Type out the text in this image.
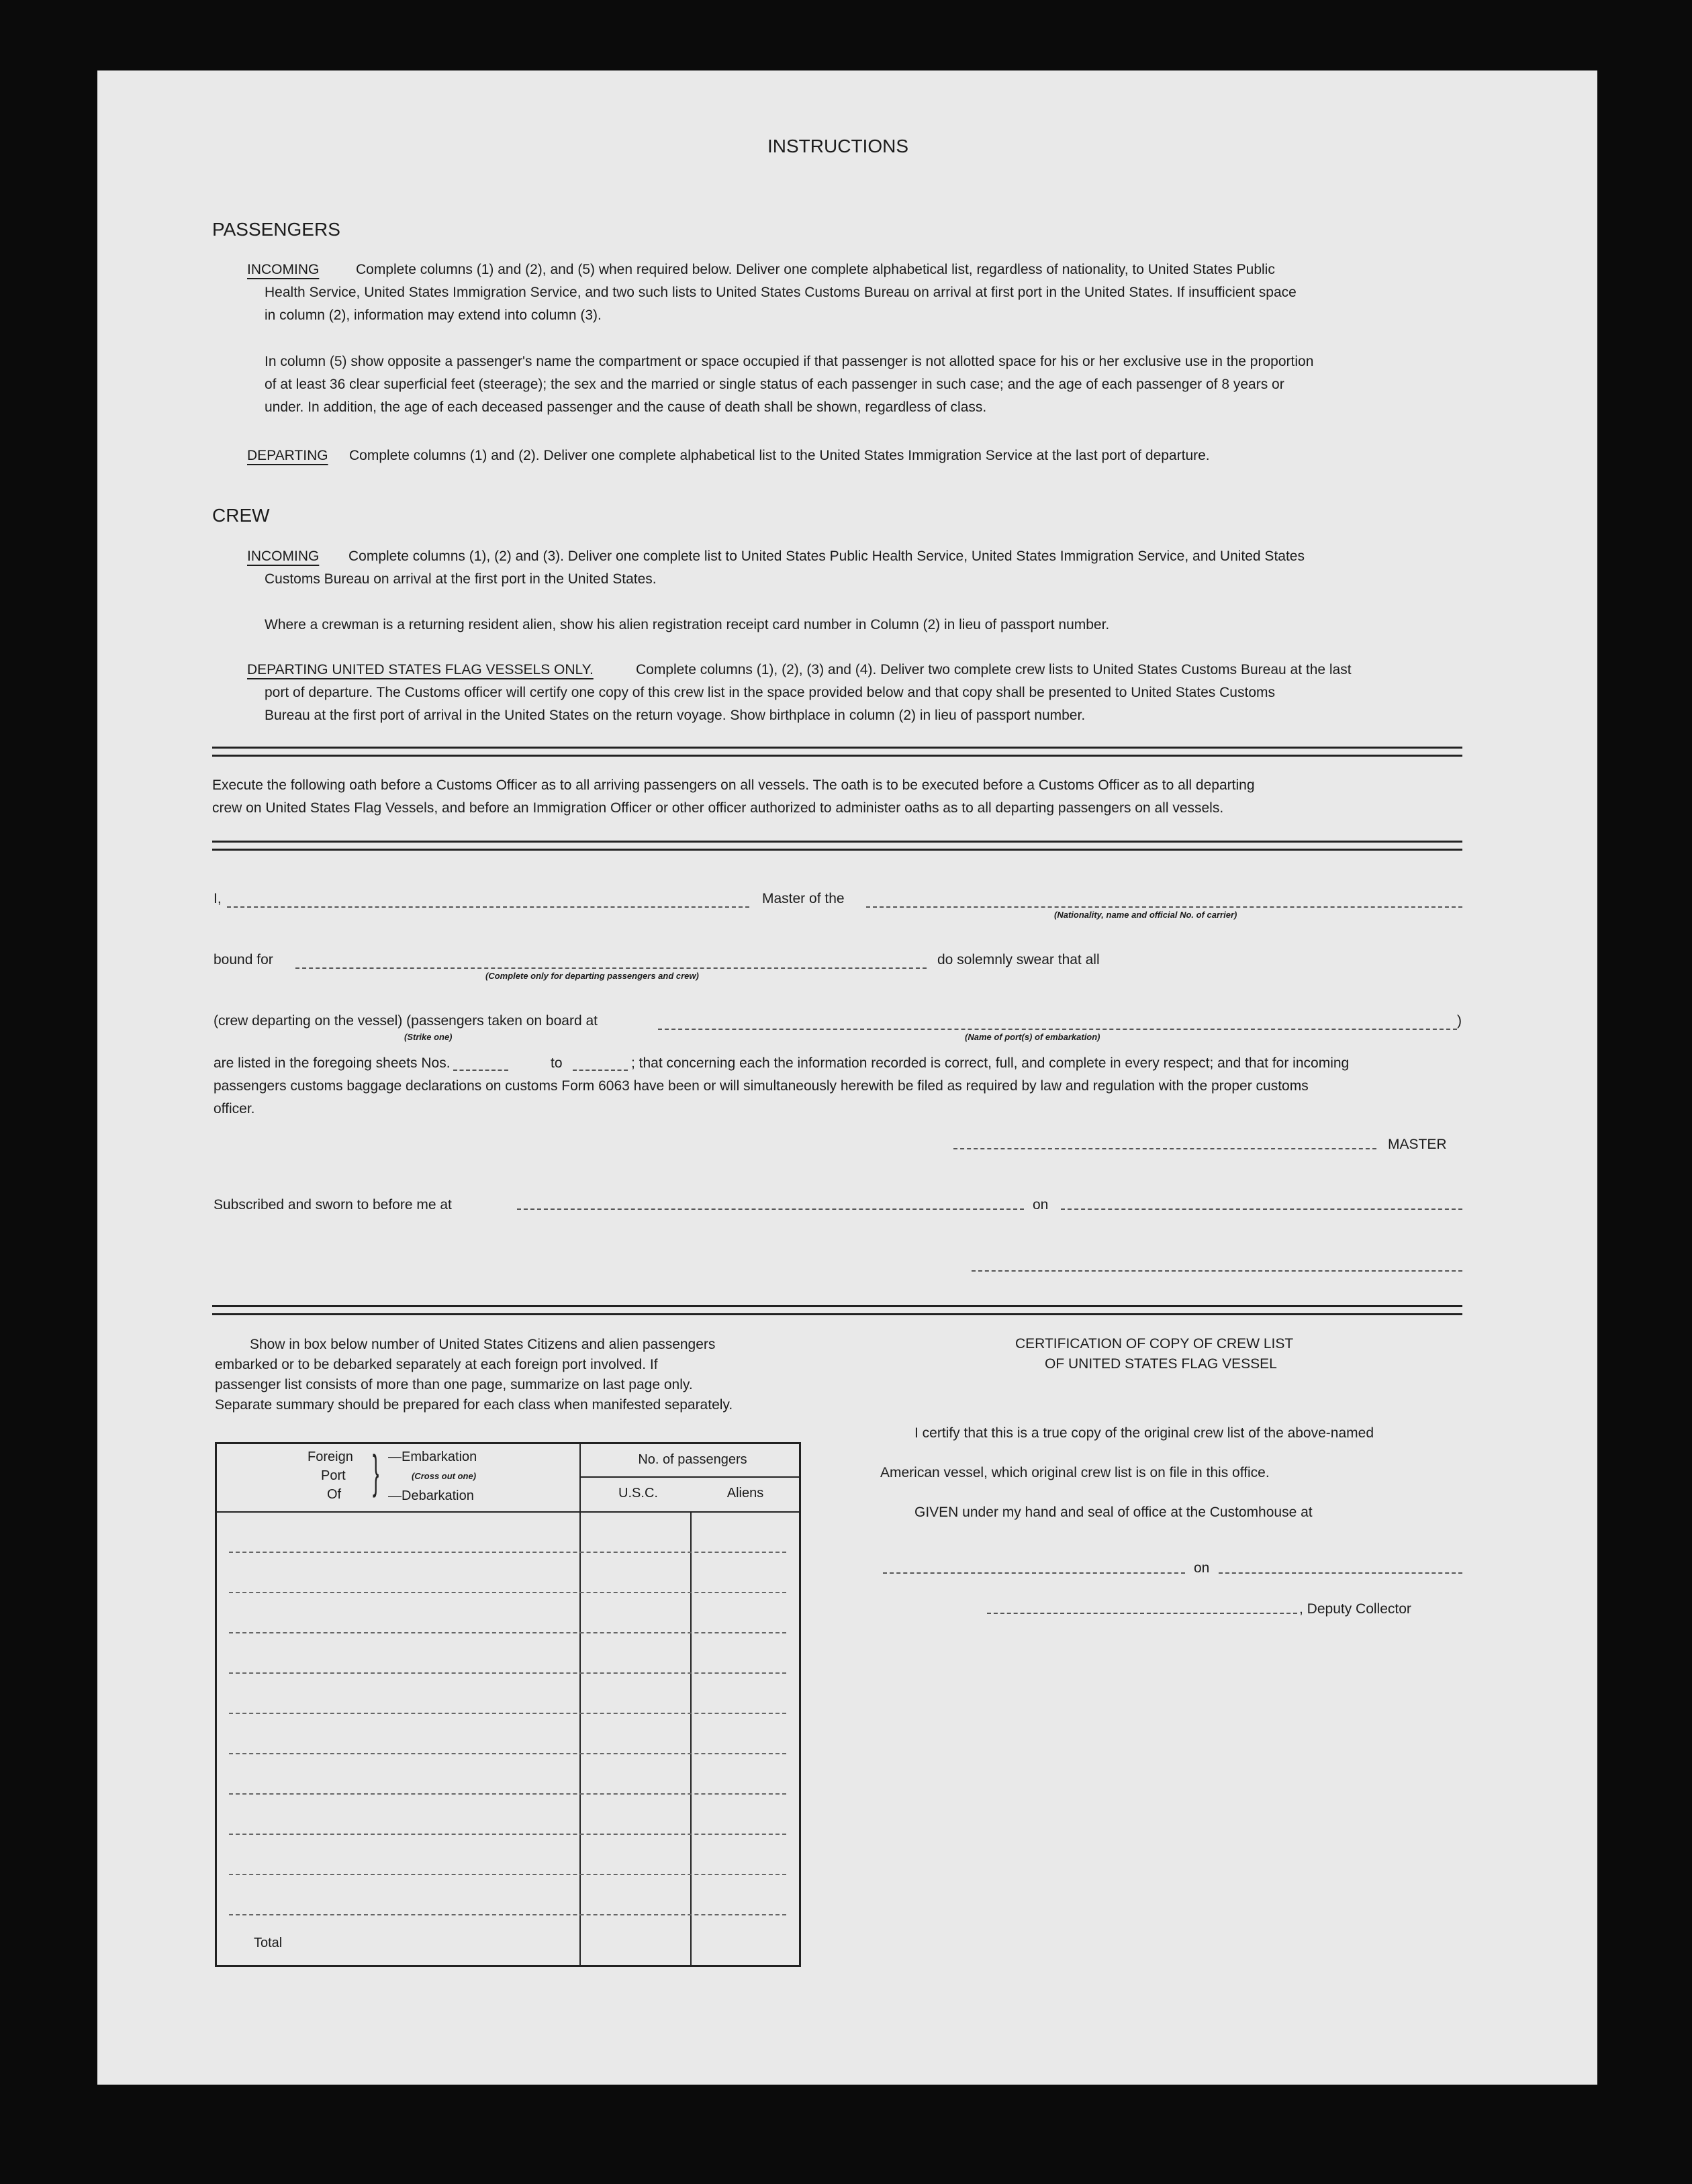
INSTRUCTIONS
PASSENGERS
INCOMING	Complete columns (1) and (2), and (5) when required below. Deliver one complete alphabetical list, regardless of nationality, to United States Public
Health Service, United States Immigration Service, and two such lists to United States Customs Bureau on arrival at first port in the United States. If insufficient space
in column (2), information may extend into column (3).
In column (5) show opposite a passenger's name the compartment or space occupied if that passenger is not allotted space for his or her exclusive use in the proportion
of at least 36 clear superficial feet (steerage); the sex and the married or single status of each passenger in such case; and the age of each passenger of 8 years or
under. In addition, the age of each deceased passenger and the cause of death shall be shown, regardless of class.
DEPARTING Complete columns (1) and (2). Deliver one complete alphabetical list to the United States Immigration Service at the last port of departure.
CREW
INCOMING Complete columns (1), (2) and (3). Deliver one complete list to United States Public Health Service, United States Immigration Service, and United States
Customs Bureau on arrival at the first port in the United States.
Where a crewman is a returning resident alien, show his alien registration receipt card number in Column (2) in lieu of passport number.
DEPARTING UNITED STATES FLAG VESSELS ONLY.	Complete columns (1), (2), (3) and (4). Deliver two complete crew lists to United States Customs Bureau at the last
port of departure. The Customs officer will certify one copy of this crew list in the space provided below and that copy shall be presented to United States Customs
Bureau at the first port of arrival in the United States on the return voyage. Show birthplace in column (2) in lieu of passport number.
Execute the following oath before a Customs Officer as to all arriving passengers on all vessels. The oath is to be executed before a Customs Officer as to all departing
crew on United States Flag Vessels, and before an Immigration Officer or other officer authorized to administer oaths as to all departing passengers on all vessels.
I,	Master of the
(Nationality, name and official No. of carrier)
bound for
(Complete only for departing passengers and crew)
do solemnly swear that all
(crew departing on the vessel) (passengers taken on board at	)
(Strike one)	(Name of port(s) of embarkation)
are listed in the foregoing sheets Nos.	to	; that concerning each the information recorded is correct, full, and complete in every respect; and that for incoming
passengers customs baggage declarations on customs Form 6063 have been or will simultaneously herewith be filed as required by law and regulation with the proper customs
officer.
MASTER
Subscribed and sworn to before me at	on
Show in box below number of United States Citizens and alien passengers
embarked or to be debarked separately at each foreign port involved. If
passenger list consists of more than one page, summarize on last page only.
Separate summary should be prepared for each class when manifested separately.
Foreign
Port
Of } —Embarkation
(Cross out one)
—Debarkation
No. of passengers
U.S.C.	Aliens
Total
CERTIFICATION OF COPY OF CREW LIST
OF UNITED STATES FLAG VESSEL
I certify that this is a true copy of the original crew list of the above-named
American vessel, which original crew list is on file in this office.
GIVEN under my hand and seal of office at the Customhouse at
on
, Deputy Collector
